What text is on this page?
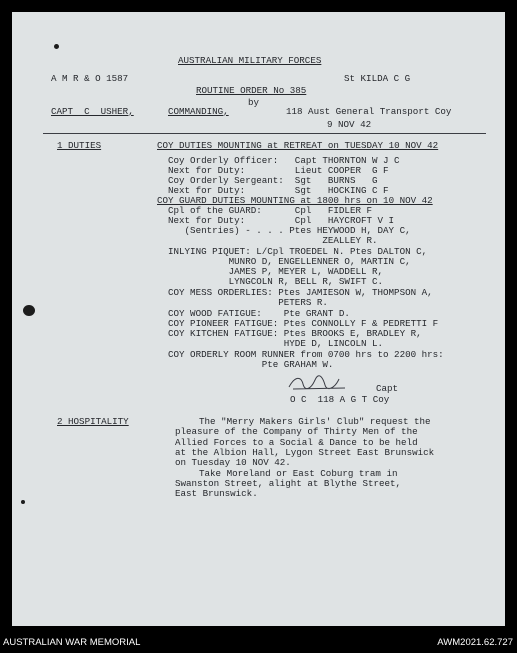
AUSTRALIAN MILITARY FORCES
A M R & O 1587	St KILDA C G
ROUTINE ORDER No 385
by
CAPT  C  USHER,	COMMANDING,	118 Aust General Transport Coy
9 NOV 42
1 DUTIES	COY DUTIES MOUNTING at RETREAT on TUESDAY 10 NOV 42
Coy Orderly Officer:   Capt THORNTON W J C
Next for Duty:         Lieut COOPER  G F
Coy Orderly Sergeant:  Sgt   BURNS   G
Next for Duty:         Sgt   HOCKING C F
COY GUARD DUTIES MOUNTING at 1800 hrs on 10 NOV 42
Cpl of the GUARD:      Cpl   FIDLER F
Next for Duty:         Cpl   HAYCROFT V I
(Sentries) - . . . Ptes HEYWOOD H, DAY C,
ZEALLEY R.
INLYING PIQUET: L/Cpl TROEDEL N. Ptes DALTON C,
MUNRO D, ENGELLENNER O, MARTIN C,
JAMES P, MEYER L, WADDELL R,
LYNGCOLN R, BELL R, SWIFT C.
COY MESS ORDERLIES: Ptes JAMIESON W, THOMPSON A,
PETERS R.
COY WOOD FATIGUE:    Pte GRANT D.
COY PIONEER FATIGUE: Ptes CONNOLLY F & PEDRETTI F
COY KITCHEN FATIGUE: Ptes BROOKS E, BRADLEY R,
HYDE D, LINCOLN L.
COY ORDERLY ROOM RUNNER from 0700 hrs to 2200 hrs:
Pte GRAHAM W.
Capt
O C  118 A G T Coy
2 HOSPITALITY	The "Merry Makers Girls' Club" request the
pleasure of the Company of Thirty Men of the
Allied Forces to a Social & Dance to be held
at the Albion Hall, Lygon Street East Brunswick
on Tuesday 10 NOV 42.
Take Moreland or East Coburg tram in
Swanston Street, alight at Blythe Street,
East Brunswick.
AUSTRALIAN WAR MEMORIAL	AWM2021.62.727
